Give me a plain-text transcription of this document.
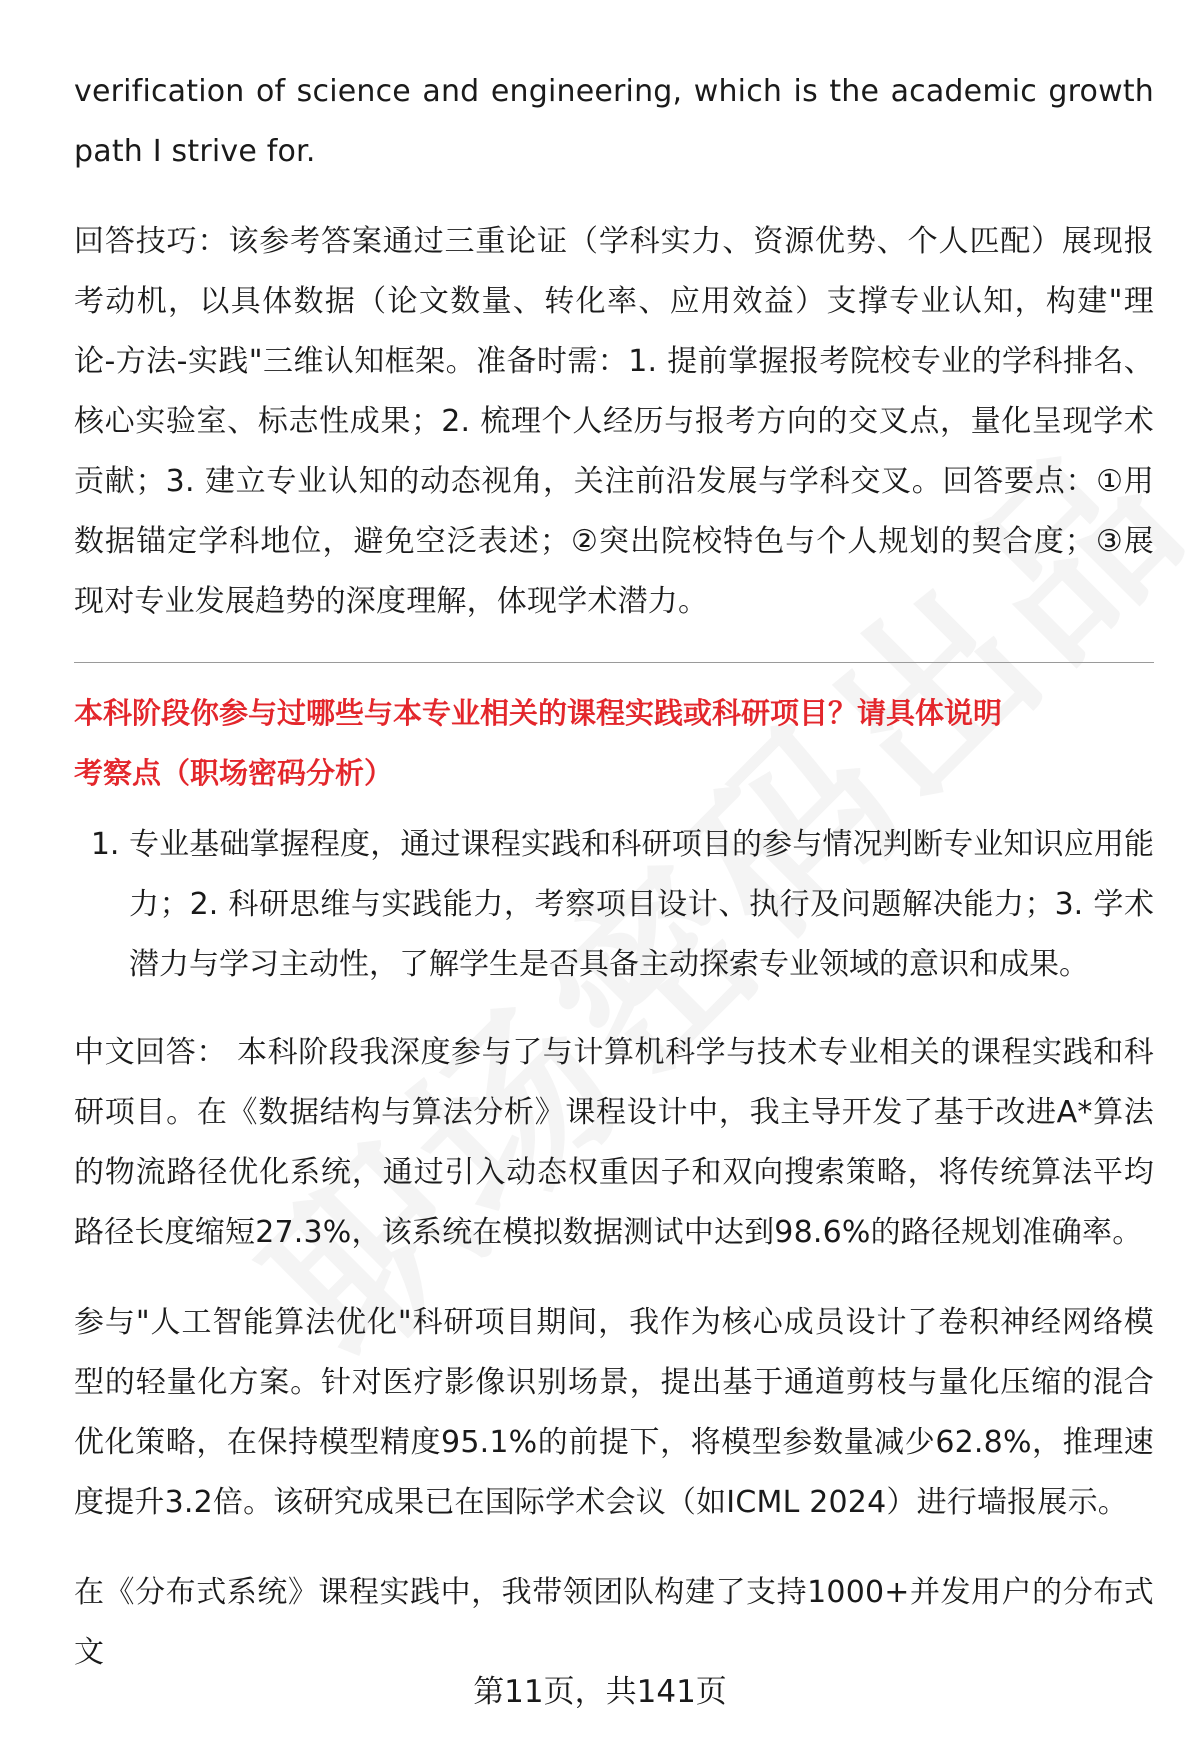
verification of science and engineering, which is the academic growth path I strive for.

回答技巧：该参考答案通过三重论证（学科实力、资源优势、个人匹配）展现报考动机，以具体数据（论文数量、转化率、应用效益）支撑专业认知，构建"理论-方法-实践"三维认知框架。准备时需：1. 提前掌握报考院校专业的学科排名、核心实验室、标志性成果；2. 梳理个人经历与报考方向的交叉点，量化呈现学术贡献；3. 建立专业认知的动态视角，关注前沿发展与学科交叉。回答要点：①用数据锚定学科地位，避免空泛表述；②突出院校特色与个人规划的契合度；③展现对专业发展趋势的深度理解，体现学术潜力。

本科阶段你参与过哪些与本专业相关的课程实践或科研项目？请具体说明

考察点（职场密码分析）

1. 专业基础掌握程度，通过课程实践和科研项目的参与情况判断专业知识应用能力；2. 科研思维与实践能力，考察项目设计、执行及问题解决能力；3. 学术潜力与学习主动性，了解学生是否具备主动探索专业领域的意识和成果。

中文回答： 本科阶段我深度参与了与计算机科学与技术专业相关的课程实践和科研项目。在《数据结构与算法分析》课程设计中，我主导开发了基于改进A*算法的物流路径优化系统，通过引入动态权重因子和双向搜索策略，将传统算法平均路径长度缩短27.3%，该系统在模拟数据测试中达到98.6%的路径规划准确率。

参与"人工智能算法优化"科研项目期间，我作为核心成员设计了卷积神经网络模型的轻量化方案。针对医疗影像识别场景，提出基于通道剪枝与量化压缩的混合优化策略，在保持模型精度95.1%的前提下，将模型参数量减少62.8%，推理速度提升3.2倍。该研究成果已在国际学术会议（如ICML 2024）进行墙报展示。

在《分布式系统》课程实践中，我带领团队构建了支持1000+并发用户的分布式文

第11页，共141页
